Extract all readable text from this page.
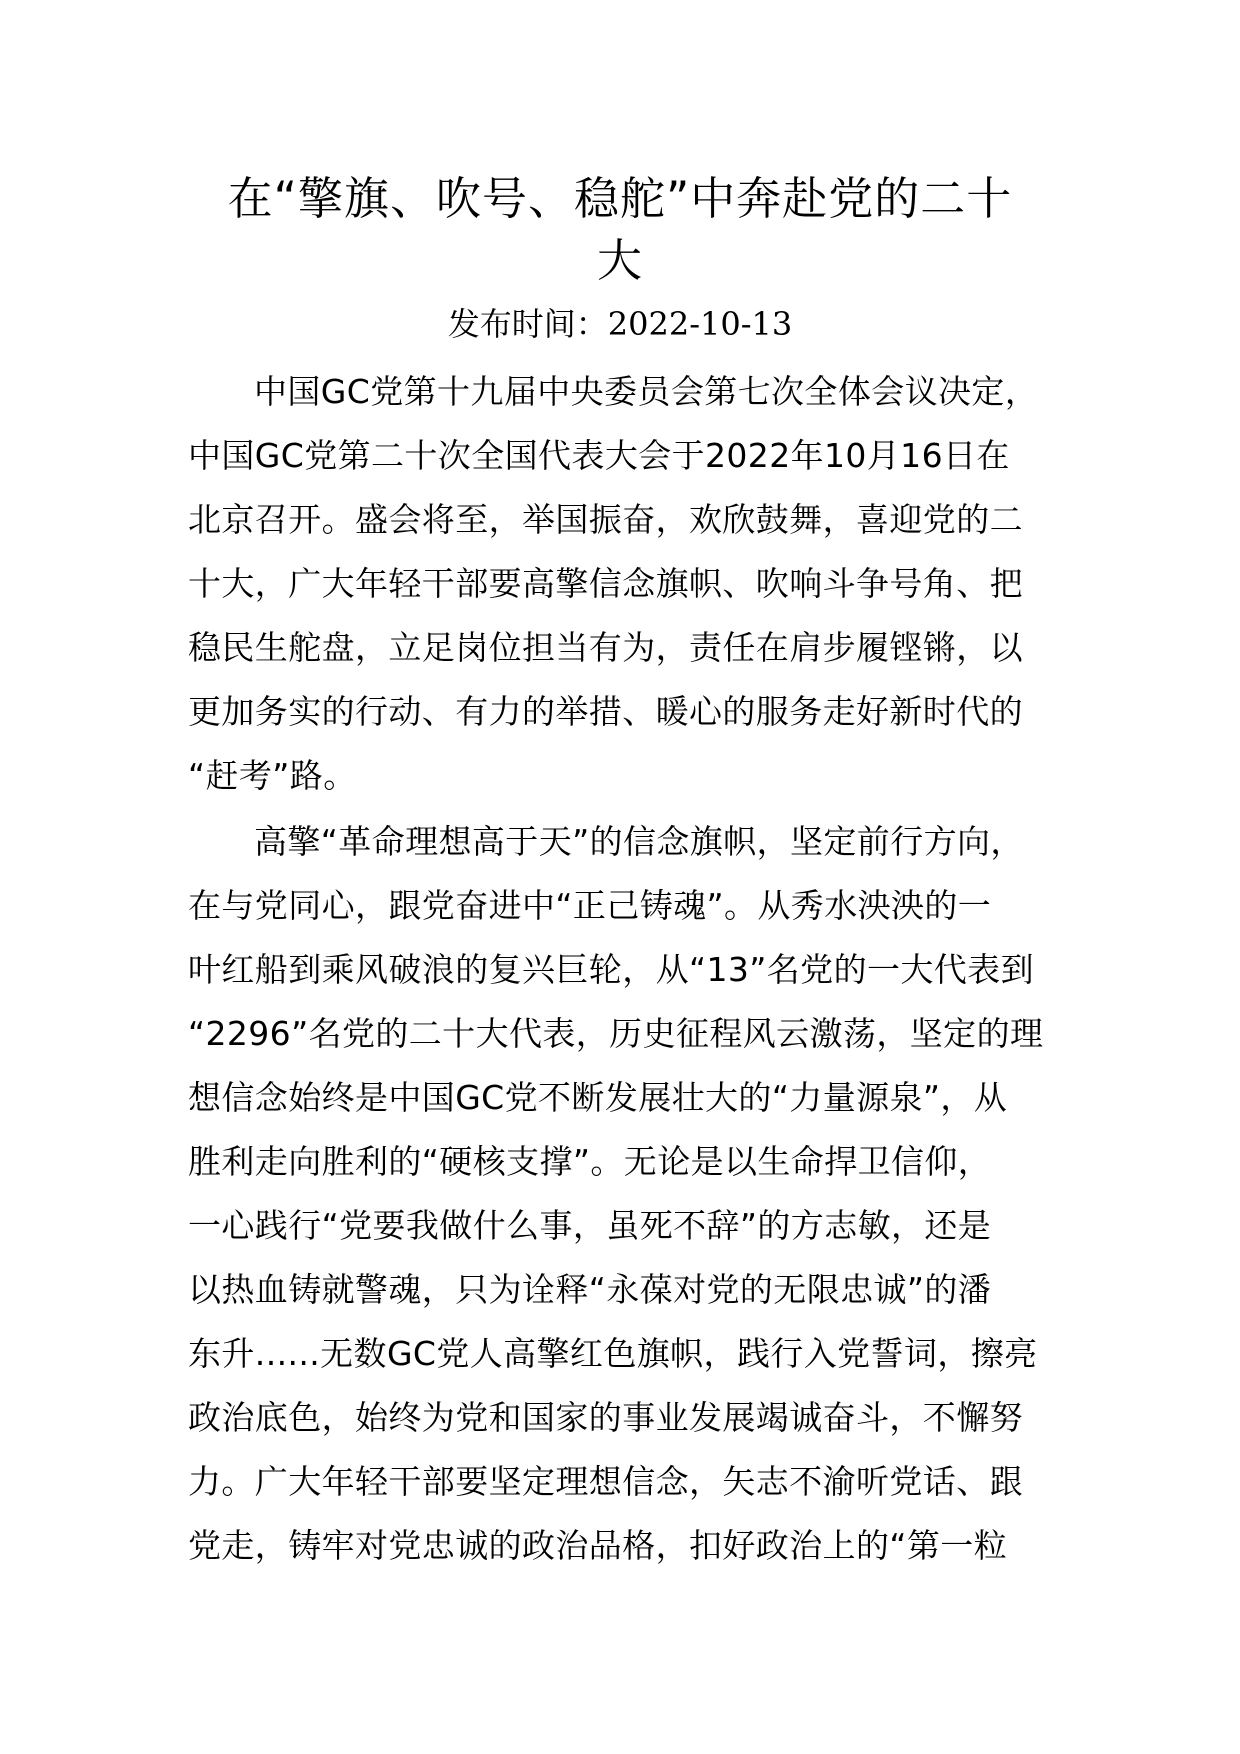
在“擎旗、吹号、稳舵”中奔赴党的二十
大
发布时间：2022-10-13
中国GC党第十九届中央委员会第七次全体会议决定，
中国GC党第二十次全国代表大会于2022年10月16日在
北京召开。盛会将至，举国振奋，欢欣鼓舞，喜迎党的二
十大，广大年轻干部要高擎信念旗帜、吹响斗争号角、把
稳民生舵盘，立足岗位担当有为，责任在肩步履铿锵，以
更加务实的行动、有力的举措、暖心的服务走好新时代的
“赶考”路。
高擎“革命理想高于天”的信念旗帜，坚定前行方向，
在与党同心，跟党奋进中“正己铸魂”。从秀水泱泱的一
叶红船到乘风破浪的复兴巨轮，从“13”名党的一大代表到
“2296”名党的二十大代表，历史征程风云激荡，坚定的理
想信念始终是中国GC党不断发展壮大的“力量源泉”，从
胜利走向胜利的“硬核支撑”。无论是以生命捍卫信仰，
一心践行“党要我做什么事，虽死不辞”的方志敏，还是
以热血铸就警魂，只为诠释“永葆对党的无限忠诚”的潘
东升......无数GC党人高擎红色旗帜，践行入党誓词，擦亮
政治底色，始终为党和国家的事业发展竭诚奋斗，不懈努
力。广大年轻干部要坚定理想信念，矢志不渝听党话、跟
党走，铸牢对党忠诚的政治品格，扣好政治上的“第一粒
